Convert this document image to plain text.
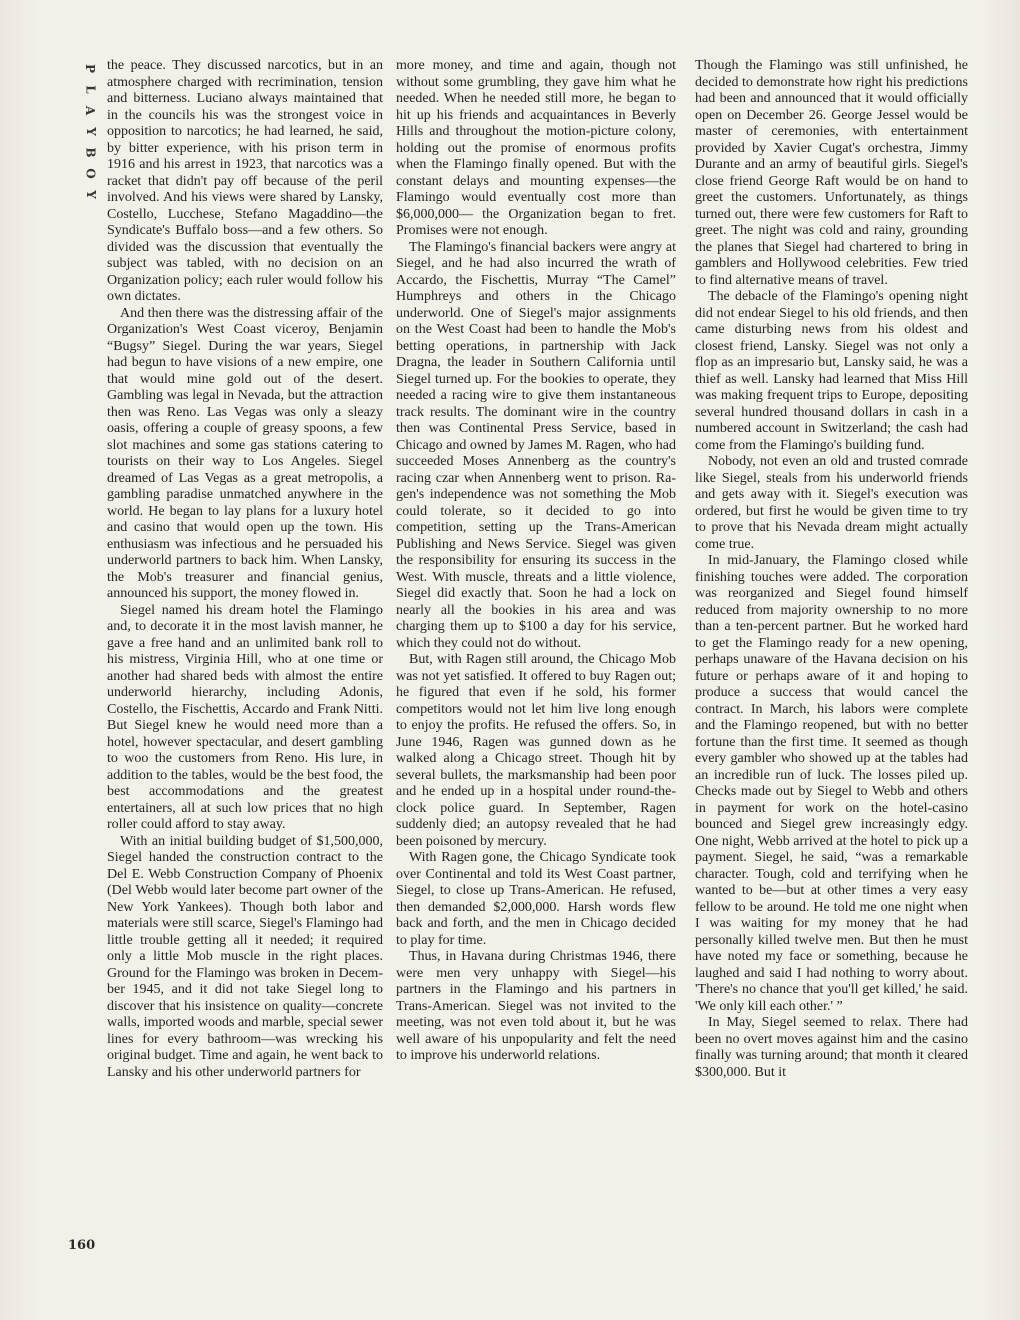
P
L
A
Y
B
O
Y

the peace. They discussed narcotics, but in an atmosphere charged with recrimination, tension and bitterness. Luciano always maintained that in the councils his was the strongest voice in opposition to narcotics; he had learned, he said, by bitter experience, with his prison term in 1916 and his arrest in 1923, that narcotics was a racket that didn't pay off because of the peril involved. And his views were shared by Lansky, Costello, Lucchese, Stefano Magaddino—the Syndicate's Buffalo boss—and a few others. So divided was the discussion that eventually the subject was tabled, with no decision on an Organization policy; each ruler would follow his own dictates.

And then there was the distressing affair of the Organization's West Coast viceroy, Benjamin “Bugsy” Siegel. During the war years, Siegel had begun to have visions of a new empire, one that would mine gold out of the desert. Gambling was legal in Nevada, but the attraction then was Reno. Las Vegas was only a sleazy oasis, offering a couple of greasy spoons, a few slot machines and some gas stations catering to tourists on their way to Los Angeles. Siegel dreamed of Las Vegas as a great metropolis, a gambling paradise unmatched anywhere in the world. He began to lay plans for a luxury hotel and casino that would open up the town. His enthusiasm was infectious and he persuaded his underworld partners to back him. When Lansky, the Mob's treasurer and financial genius, announced his support, the money flowed in.

Siegel named his dream hotel the Flamingo and, to decorate it in the most lavish manner, he gave a free hand and an unlimited bank roll to his mistress, Virginia Hill, who at one time or another had shared beds with almost the entire underworld hierarchy, including Adonis, Costello, the Fischettis, Accardo and Frank Nitti. But Siegel knew he would need more than a hotel, however spectacular, and desert gambling to woo the customers from Reno. His lure, in addition to the tables, would be the best food, the best accommodations and the greatest entertainers, all at such low prices that no high roller could afford to stay away.

With an initial building budget of $1,500,000, Siegel handed the construction contract to the Del E. Webb Construction Company of Phoenix (Del Webb would later become part owner of the New York Yankees). Though both labor and materials were still scarce, Siegel's Flamingo had little trouble getting all it needed; it required only a little Mob muscle in the right places. Ground for the Flamingo was broken in December 1945, and it did not take Siegel long to discover that his insistence on quality—concrete walls, imported woods and marble, special sewer lines for every bathroom—was wrecking his original budget. Time and again, he went back to Lansky and his other underworld partners for

more money, and time and again, though not without some grumbling, they gave him what he needed. When he needed still more, he began to hit up his friends and acquaintances in Beverly Hills and throughout the motion-picture colony, holding out the promise of enormous profits when the Flamingo finally opened. But with the constant delays and mounting expenses—the Flamingo would eventually cost more than $6,000,000— the Organization began to fret. Promises were not enough.

The Flamingo's financial backers were angry at Siegel, and he had also incurred the wrath of Accardo, the Fischettis, Murray “The Camel” Humphreys and others in the Chicago underworld. One of Siegel's major assignments on the West Coast had been to handle the Mob's betting operations, in partnership with Jack Dragna, the leader in Southern California until Siegel turned up. For the bookies to operate, they needed a racing wire to give them instantaneous track results. The dominant wire in the country then was Continental Press Service, based in Chicago and owned by James M. Ragen, who had succeeded Moses Annenberg as the country's racing czar when Annenberg went to prison. Ragen's independence was not something the Mob could tolerate, so it decided to go into competition, setting up the Trans-American Publishing and News Service. Siegel was given the responsibility for ensuring its success in the West. With muscle, threats and a little violence, Siegel did exactly that. Soon he had a lock on nearly all the bookies in his area and was charging them up to $100 a day for his service, which they could not do without.

But, with Ragen still around, the Chicago Mob was not yet satisfied. It offered to buy Ragen out; he figured that even if he sold, his former competitors would not let him live long enough to enjoy the profits. He refused the offers. So, in June 1946, Ragen was gunned down as he walked along a Chicago street. Though hit by several bullets, the marksmanship had been poor and he ended up in a hospital under round-the-clock police guard. In September, Ragen suddenly died; an autopsy revealed that he had been poisoned by mercury.

With Ragen gone, the Chicago Syndicate took over Continental and told its West Coast partner, Siegel, to close up Trans-American. He refused, then demanded $2,000,000. Harsh words flew back and forth, and the men in Chicago decided to play for time.

Thus, in Havana during Christmas 1946, there were men very unhappy with Siegel—his partners in the Flamingo and his partners in Trans-American. Siegel was not invited to the meeting, was not even told about it, but he was well aware of his unpopularity and felt the need to improve his underworld relations.

Though the Flamingo was still unfinished, he decided to demonstrate how right his predictions had been and announced that it would officially open on December 26. George Jessel would be master of ceremonies, with entertainment provided by Xavier Cugat's orchestra, Jimmy Durante and an army of beautiful girls. Siegel's close friend George Raft would be on hand to greet the customers. Unfortunately, as things turned out, there were few customers for Raft to greet. The night was cold and rainy, grounding the planes that Siegel had chartered to bring in gamblers and Hollywood celebrities. Few tried to find alternative means of travel.

The debacle of the Flamingo's opening night did not endear Siegel to his old friends, and then came disturbing news from his oldest and closest friend, Lansky. Siegel was not only a flop as an impresario but, Lansky said, he was a thief as well. Lansky had learned that Miss Hill was making frequent trips to Europe, depositing several hundred thousand dollars in cash in a numbered account in Switzerland; the cash had come from the Flamingo's building fund.

Nobody, not even an old and trusted comrade like Siegel, steals from his underworld friends and gets away with it. Siegel's execution was ordered, but first he would be given time to try to prove that his Nevada dream might actually come true.

In mid-January, the Flamingo closed while finishing touches were added. The corporation was reorganized and Siegel found himself reduced from majority ownership to no more than a ten-percent partner. But he worked hard to get the Flamingo ready for a new opening, perhaps unaware of the Havana decision on his future or perhaps aware of it and hoping to produce a success that would cancel the contract. In March, his labors were complete and the Flamingo reopened, but with no better fortune than the first time. It seemed as though every gambler who showed up at the tables had an incredible run of luck. The losses piled up. Checks made out by Siegel to Webb and others in payment for work on the hotel-casino bounced and Siegel grew increasingly edgy. One night, Webb arrived at the hotel to pick up a payment. Siegel, he said, “was a remarkable character. Tough, cold and terrifying when he wanted to be—but at other times a very easy fellow to be around. He told me one night when I was waiting for my money that he had personally killed twelve men. But then he must have noted my face or something, because he laughed and said I had nothing to worry about. 'There's no chance that you'll get killed,' he said. 'We only kill each other.' ”

In May, Siegel seemed to relax. There had been no overt moves against him and the casino finally was turning around; that month it cleared $300,000. But it

160
